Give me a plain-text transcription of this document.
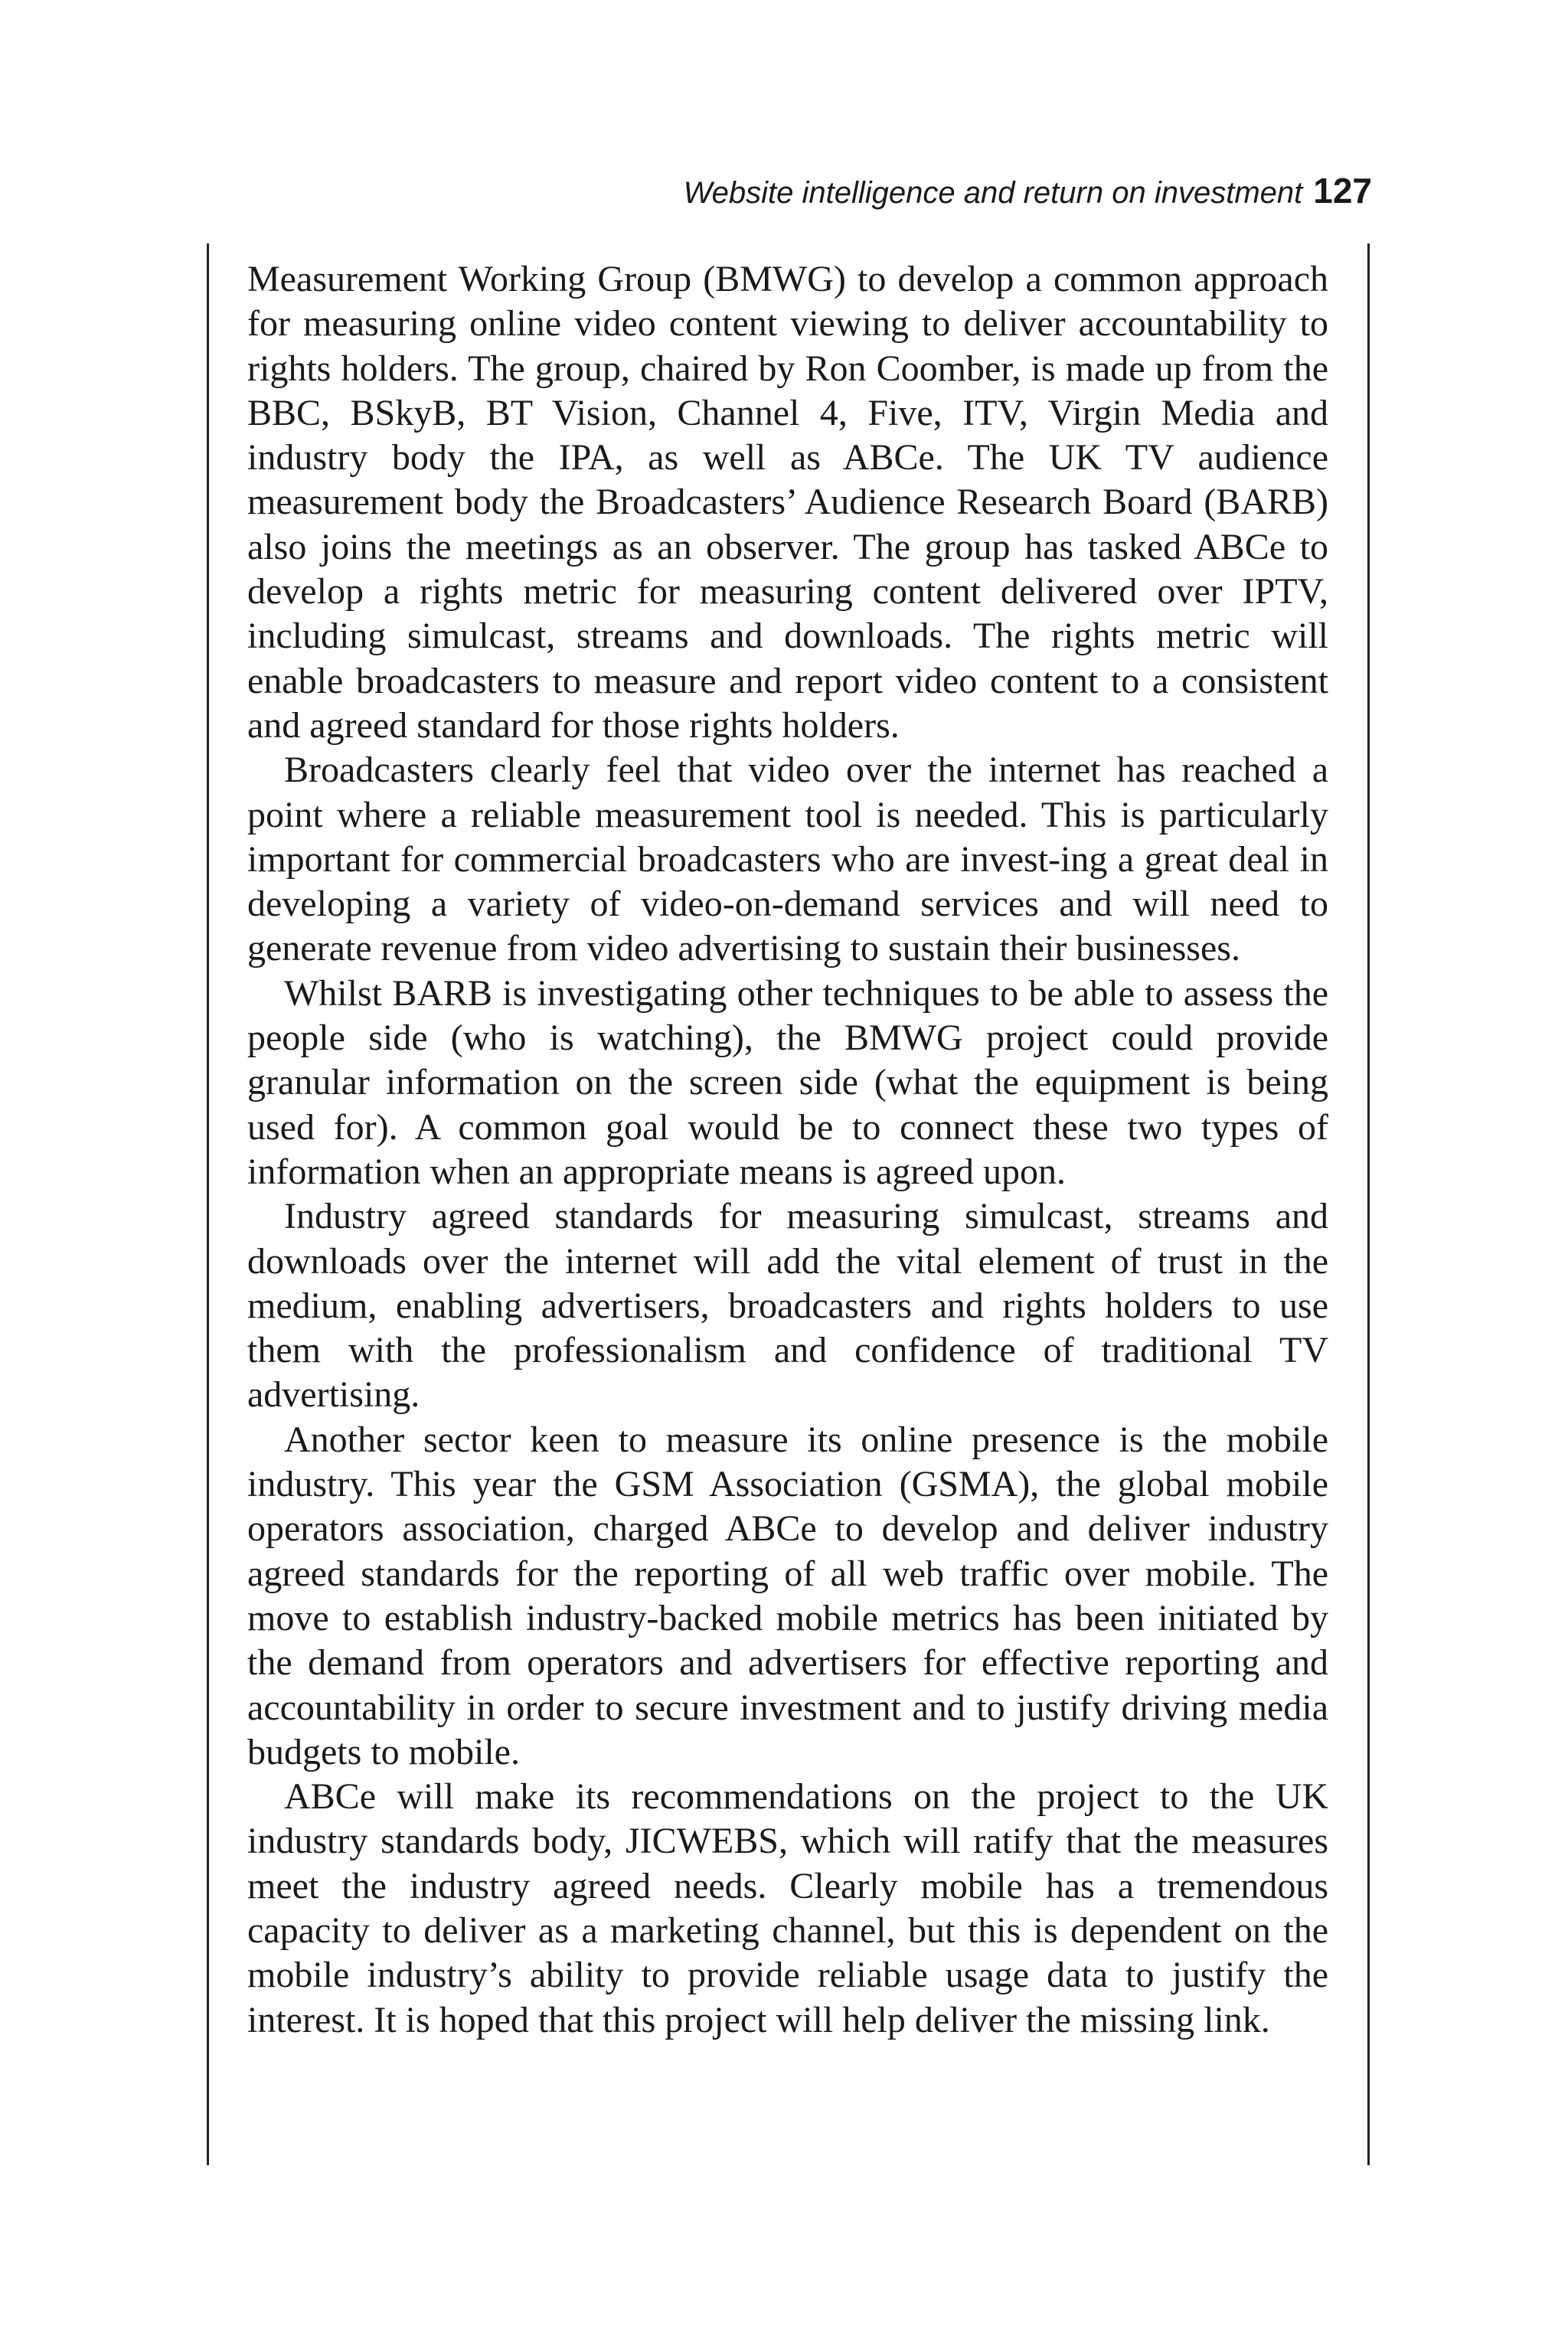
Website intelligence and return on investment 127

Measurement Working Group (BMWG) to develop a common approach for measuring online video content viewing to deliver accountability to rights holders. The group, chaired by Ron Coomber, is made up from the BBC, BSkyB, BT Vision, Channel 4, Five, ITV, Virgin Media and industry body the IPA, as well as ABCe. The UK TV audience measurement body the Broadcasters’ Audience Research Board (BARB) also joins the meetings as an observer. The group has tasked ABCe to develop a rights metric for measuring content delivered over IPTV, including simulcast, streams and downloads. The rights metric will enable broadcasters to measure and report video content to a consistent and agreed standard for those rights holders.

Broadcasters clearly feel that video over the internet has reached a point where a reliable measurement tool is needed. This is particularly important for commercial broadcasters who are invest-ing a great deal in developing a variety of video-on-demand services and will need to generate revenue from video advertising to sustain their businesses.

Whilst BARB is investigating other techniques to be able to assess the people side (who is watching), the BMWG project could provide granular information on the screen side (what the equipment is being used for). A common goal would be to connect these two types of information when an appropriate means is agreed upon.

Industry agreed standards for measuring simulcast, streams and downloads over the internet will add the vital element of trust in the medium, enabling advertisers, broadcasters and rights holders to use them with the professionalism and confidence of traditional TV advertising.

Another sector keen to measure its online presence is the mobile industry. This year the GSM Association (GSMA), the global mobile operators association, charged ABCe to develop and deliver industry agreed standards for the reporting of all web traffic over mobile. The move to establish industry-backed mobile metrics has been initiated by the demand from operators and advertisers for effective reporting and accountability in order to secure investment and to justify driving media budgets to mobile.

ABCe will make its recommendations on the project to the UK industry standards body, JICWEBS, which will ratify that the measures meet the industry agreed needs. Clearly mobile has a tremendous capacity to deliver as a marketing channel, but this is dependent on the mobile industry’s ability to provide reliable usage data to justify the interest. It is hoped that this project will help deliver the missing link.
